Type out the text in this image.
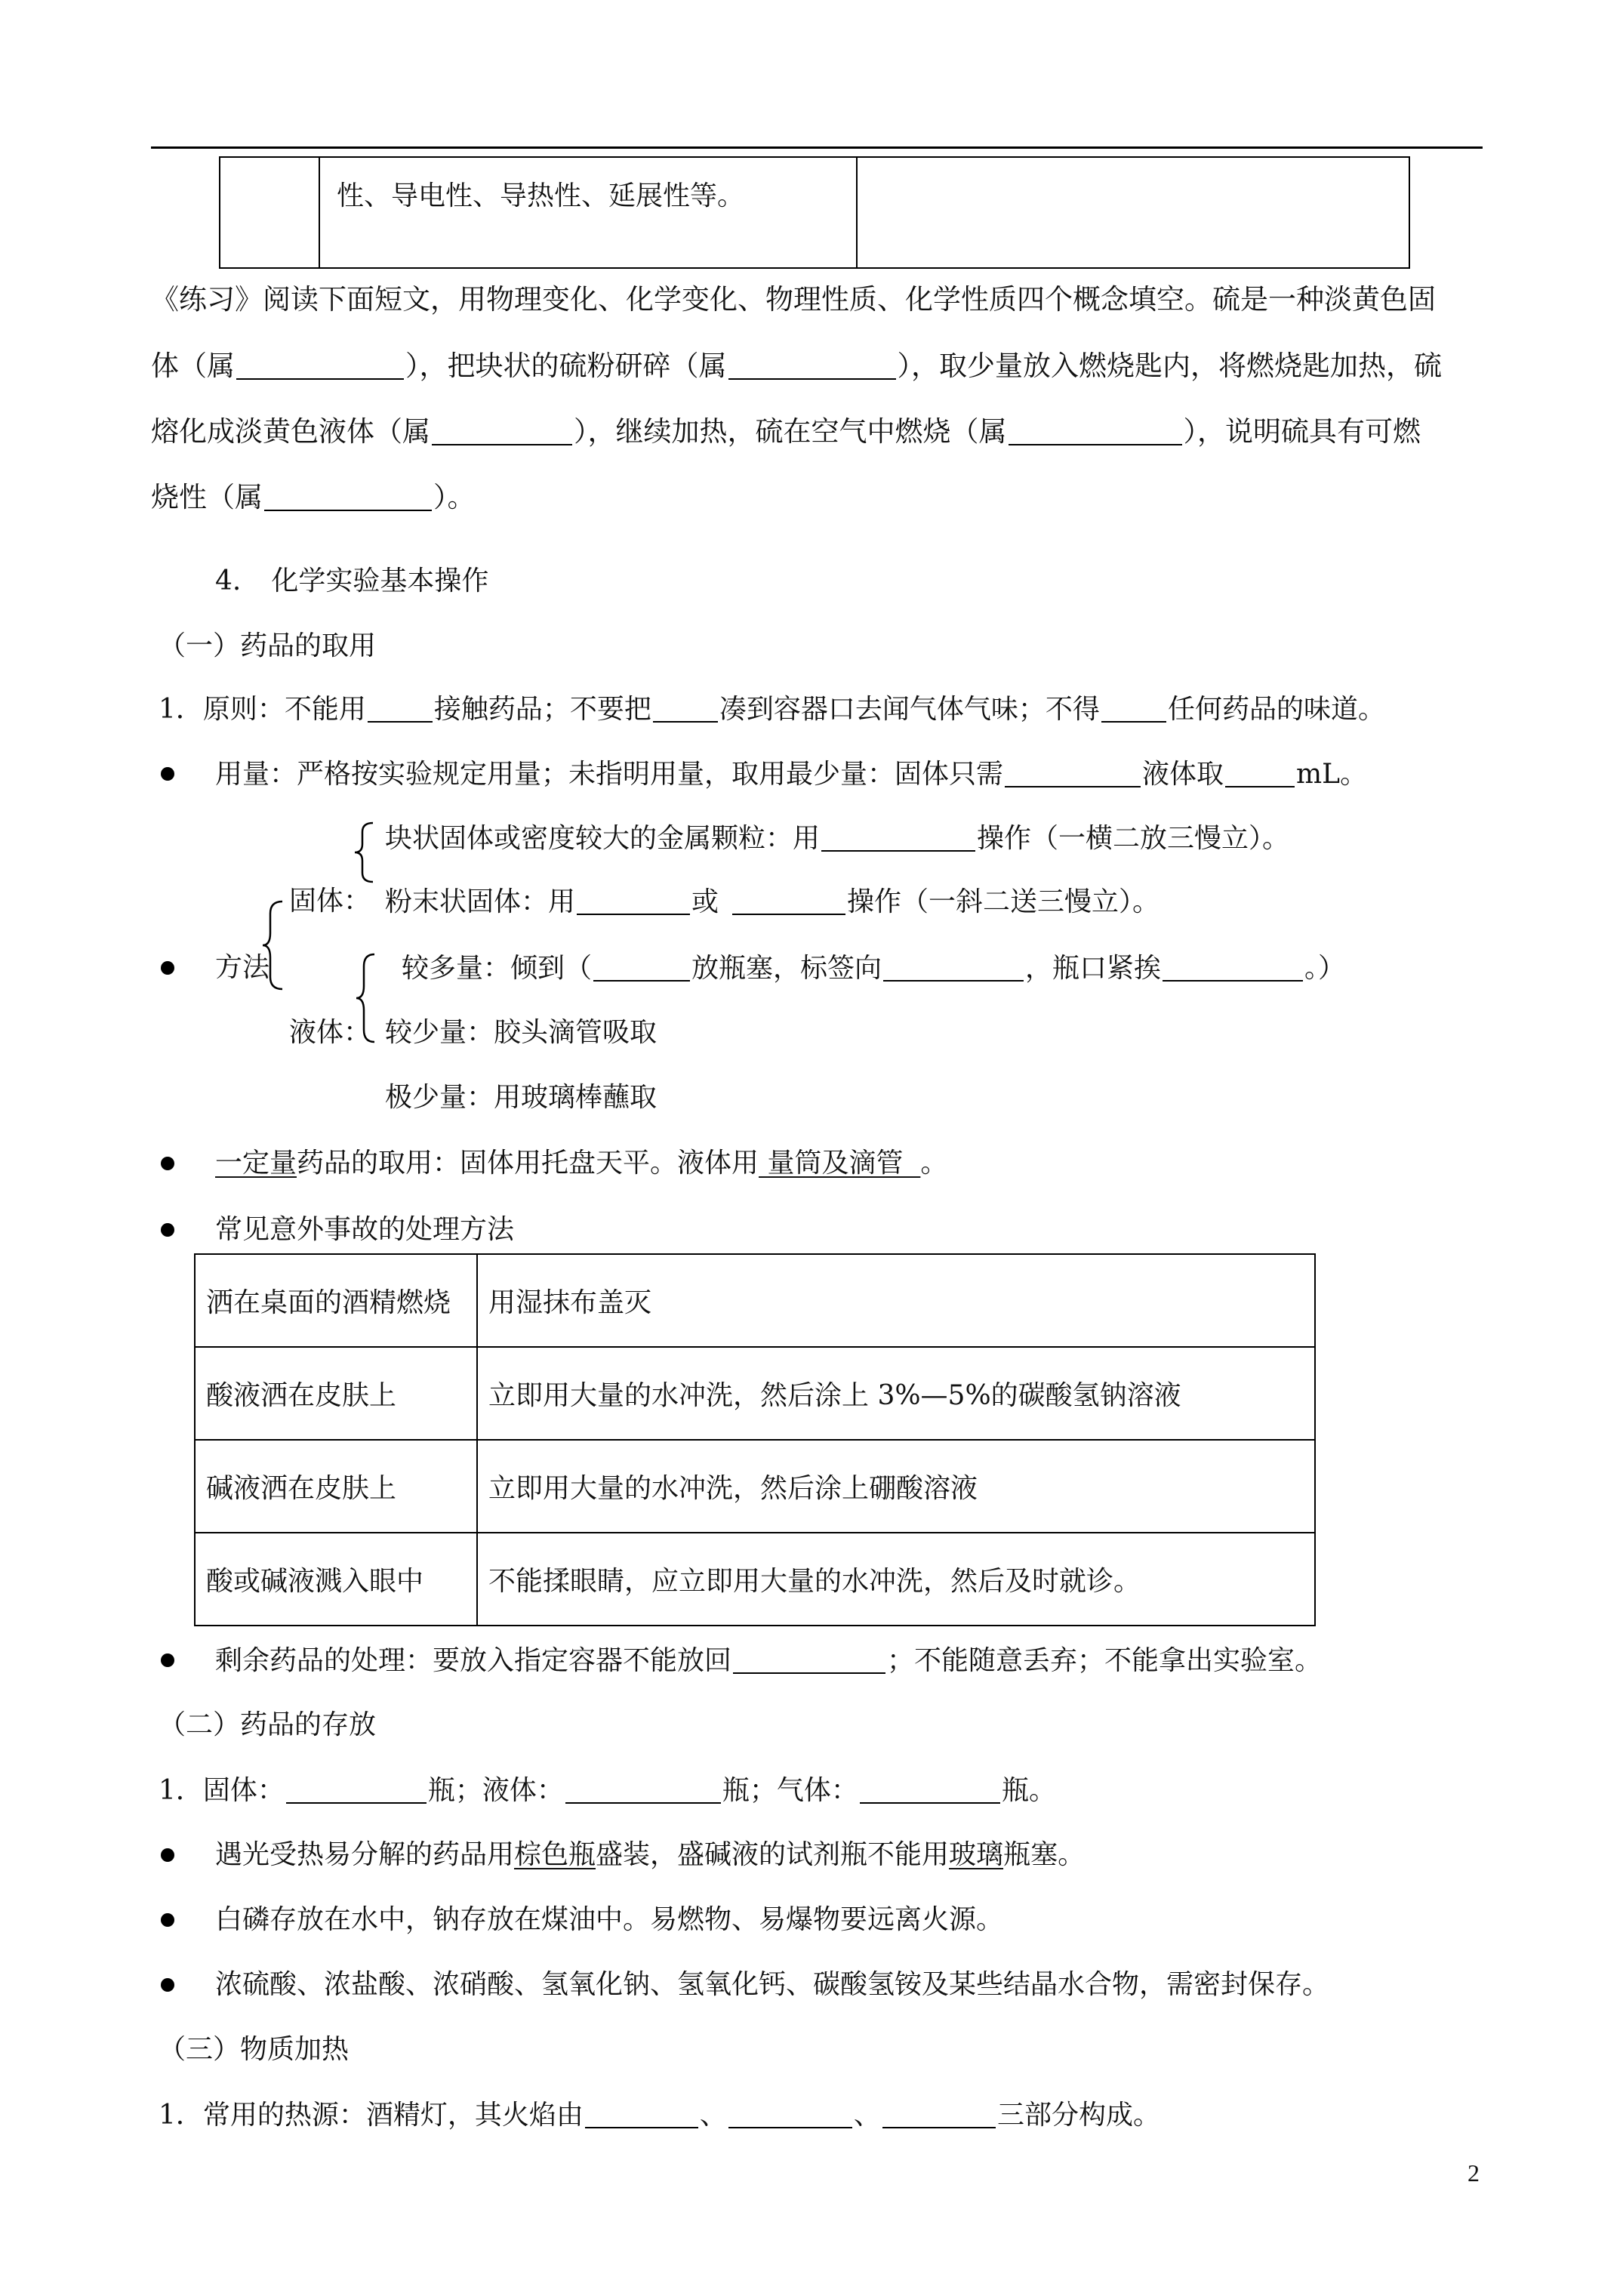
性、导电性、导热性、延展性等。

《练习》阅读下面短文，用物理变化、化学变化、物理性质、化学性质四个概念填空。硫是一种淡黄色固
体（属	），把块状的硫粉研碎（属	），取少量放入燃烧匙内，将燃烧匙加热，硫
熔化成淡黄色液体（属	），继续加热，硫在空气中燃烧（属	），说明硫具有可燃
烧性（属	）。
4. 化学实验基本操作
（一）药品的取用
1．原则：不能用	接触药品；不要把	凑到容器口去闻气体气味；不得	任何药品的味道。
用量：严格按实验规定用量；未指明用量，取用最少量：固体只需	液体取	mL。
块状固体或密度较大的金属颗粒：用	操作（一横二放三慢立）。
固体： 粉末状固体：用	或	操作（一斜二送三慢立）。
方法	较多量：倾到（	放瓶塞，标签向	，瓶口紧挨	。）
液体： 较少量：胶头滴管吸取
极少量：用玻璃棒蘸取
一定量药品的取用：固体用托盘天平。液体用 量筒及滴管 。
常见意外事故的处理方法
洒在桌面的酒精燃烧	用湿抹布盖灭
酸液洒在皮肤上	立即用大量的水冲洗，然后涂上 3%—5%的碳酸氢钠溶液
碱液洒在皮肤上	立即用大量的水冲洗，然后涂上硼酸溶液
酸或碱液溅入眼中	不能揉眼睛，应立即用大量的水冲洗，然后及时就诊。
剩余药品的处理：要放入指定容器不能放回	；不能随意丢弃；不能拿出实验室。
（二）药品的存放
1．固体：	瓶；液体：	瓶；气体：	瓶。
遇光受热易分解的药品用棕色瓶盛装，盛碱液的试剂瓶不能用玻璃瓶塞。
白磷存放在水中，钠存放在煤油中。易燃物、易爆物要远离火源。
浓硫酸、浓盐酸、浓硝酸、氢氧化钠、氢氧化钙、碳酸氢铵及某些结晶水合物，需密封保存。
（三）物质加热
1．常用的热源：酒精灯，其火焰由	、	、	三部分构成。
2
